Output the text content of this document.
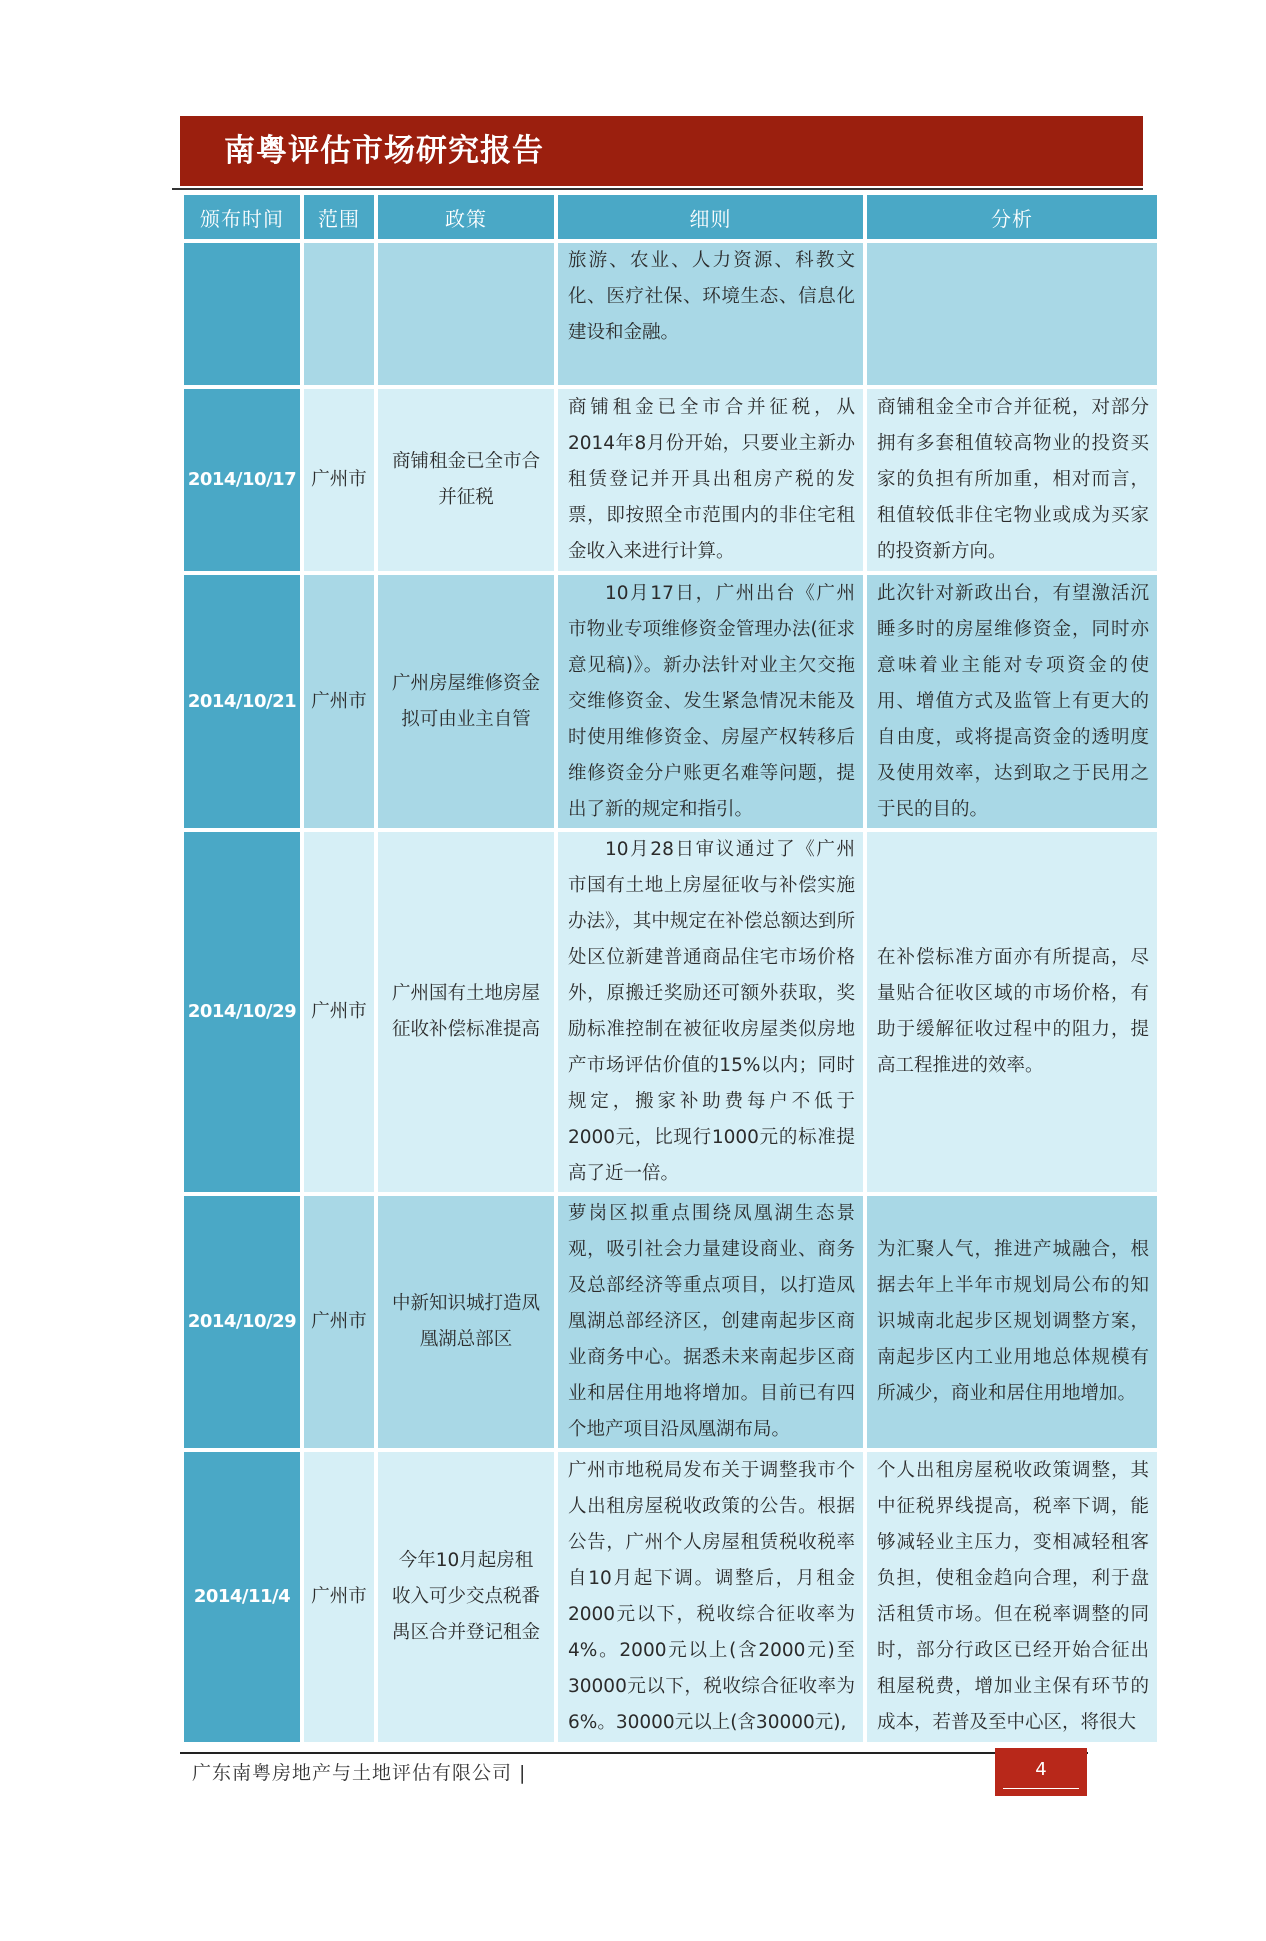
南粤评估市场研究报告
颁布时间	范围	政策	细则	分析
			旅游、农业、人力资源、科教文化、医疗社保、环境生态、信息化建设和金融。	
2014/10/17	广州市	商铺租金已全市合并征税	商铺租金已全市合并征税，从2014年8月份开始，只要业主新办租赁登记并开具出租房产税的发票，即按照全市范围内的非住宅租金收入来进行计算。	商铺租金全市合并征税，对部分拥有多套租值较高物业的投资买家的负担有所加重，相对而言，租值较低非住宅物业或成为买家的投资新方向。
2014/10/21	广州市	广州房屋维修资金拟可由业主自管	10月17日，广州出台《广州市物业专项维修资金管理办法(征求意见稿)》。新办法针对业主欠交拖交维修资金、发生紧急情况未能及时使用维修资金、房屋产权转移后维修资金分户账更名难等问题，提出了新的规定和指引。	此次针对新政出台，有望激活沉睡多时的房屋维修资金，同时亦意味着业主能对专项资金的使用、增值方式及监管上有更大的自由度，或将提高资金的透明度及使用效率，达到取之于民用之于民的目的。
2014/10/29	广州市	广州国有土地房屋征收补偿标准提高	10月28日审议通过了《广州市国有土地上房屋征收与补偿实施办法》，其中规定在补偿总额达到所处区位新建普通商品住宅市场价格外，原搬迁奖励还可额外获取，奖励标准控制在被征收房屋类似房地产市场评估价值的15%以内；同时规定，搬家补助费每户不低于2000元，比现行1000元的标准提高了近一倍。	在补偿标准方面亦有所提高，尽量贴合征收区域的市场价格，有助于缓解征收过程中的阻力，提高工程推进的效率。
2014/10/29	广州市	中新知识城打造凤凰湖总部区	萝岗区拟重点围绕凤凰湖生态景观，吸引社会力量建设商业、商务及总部经济等重点项目，以打造凤凰湖总部经济区，创建南起步区商业商务中心。据悉未来南起步区商业和居住用地将增加。目前已有四个地产项目沿凤凰湖布局。	为汇聚人气，推进产城融合，根据去年上半年市规划局公布的知识城南北起步区规划调整方案，南起步区内工业用地总体规模有所减少，商业和居住用地增加。
2014/11/4	广州市	今年10月起房租收入可少交点税番禺区合并登记租金	广州市地税局发布关于调整我市个人出租房屋税收政策的公告。根据公告，广州个人房屋租赁税收税率自10月起下调。调整后，月租金2000元以下，税收综合征收率为4%。2000元以上(含2000元)至30000元以下，税收综合征收率为6%。30000元以上(含30000元),	个人出租房屋税收政策调整，其中征税界线提高，税率下调，能够减轻业主压力，变相减轻租客负担，使租金趋向合理，利于盘活租赁市场。但在税率调整的同时，部分行政区已经开始合征出租屋税费，增加业主保有环节的成本，若普及至中心区，将很大
广东南粤房地产与土地评估有限公司 |	4
